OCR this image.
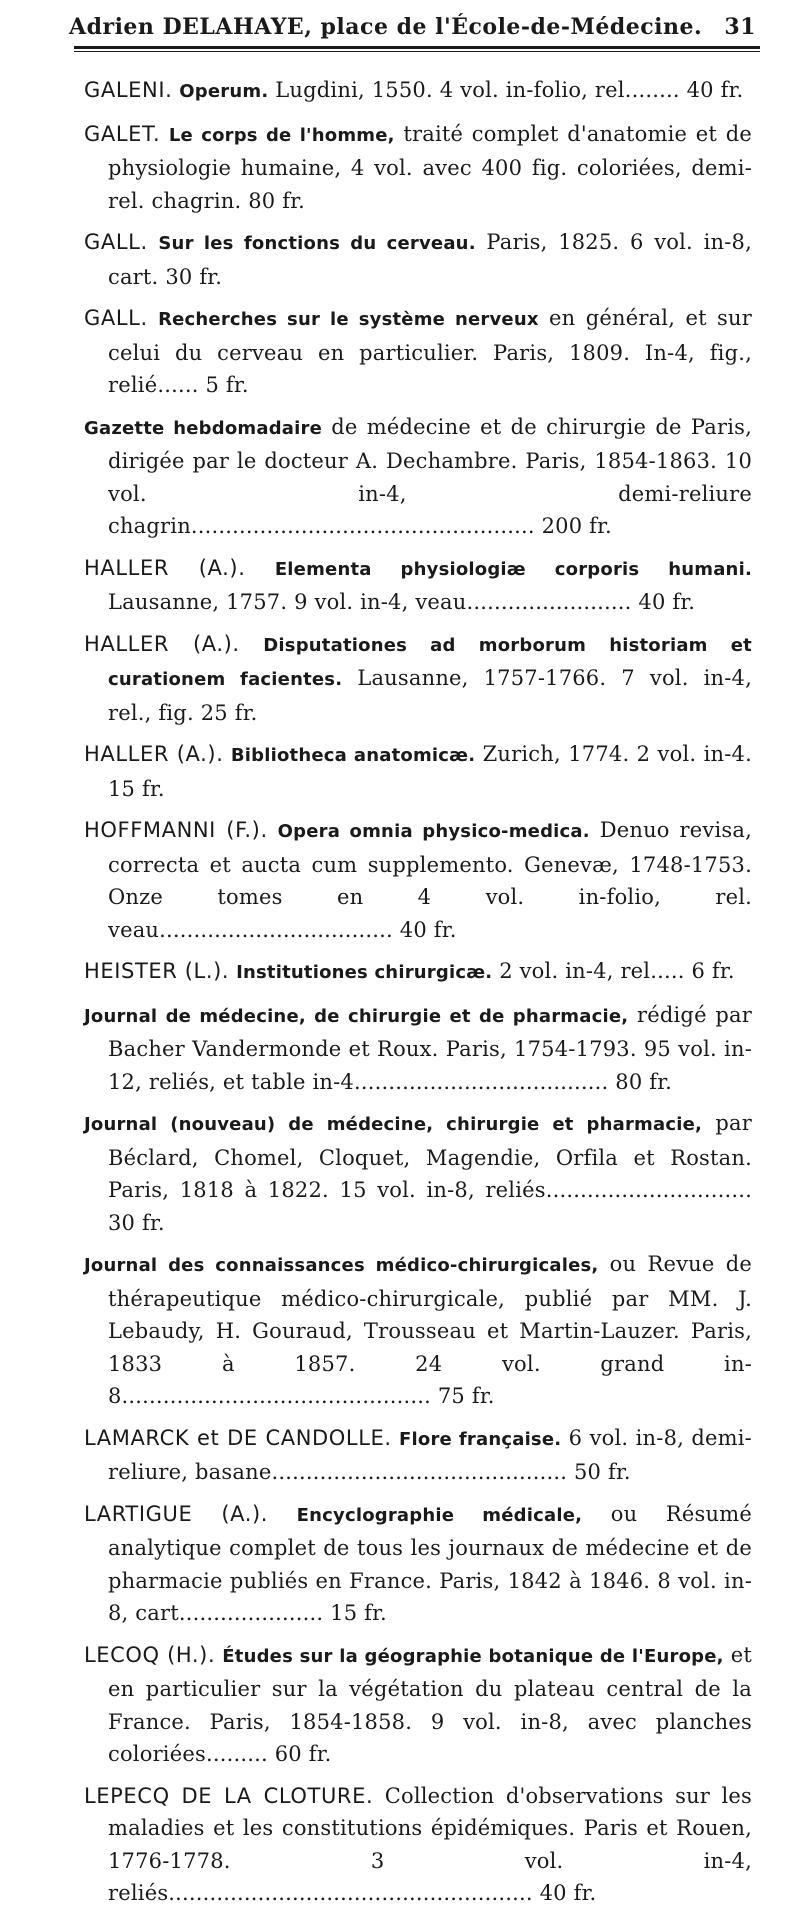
Adrien DELAHAYE, place de l'École-de-Médecine. 31

GALENI. Operum. Lugdini, 1550. 4 vol. in-folio, rel........ 40 fr.

GALET. Le corps de l'homme, traité complet d'anatomie et de physiologie humaine, 4 vol. avec 400 fig. coloriées, demi-rel. chagrin. 80 fr.

GALL. Sur les fonctions du cerveau. Paris, 1825. 6 vol. in-8, cart. 30 fr.

GALL. Recherches sur le système nerveux en général, et sur celui du cerveau en particulier. Paris, 1809. In-4, fig., relié...... 5 fr.

Gazette hebdomadaire de médecine et de chirurgie de Paris, dirigée par le docteur A. Dechambre. Paris, 1854-1863. 10 vol. in-4, demi-reliure chagrin.................................................. 200 fr.

HALLER (A.). Elementa physiologiæ corporis humani. Lausanne, 1757. 9 vol. in-4, veau........................ 40 fr.

HALLER (A.). Disputationes ad morborum historiam et curationem facientes. Lausanne, 1757-1766. 7 vol. in-4, rel., fig. 25 fr.

HALLER (A.). Bibliotheca anatomicæ. Zurich, 1774. 2 vol. in-4. 15 fr.

HOFFMANNI (F.). Opera omnia physico-medica. Denuo revisa, correcta et aucta cum supplemento. Genevæ, 1748-1753. Onze tomes en 4 vol. in-folio, rel. veau.................................. 40 fr.

HEISTER (L.). Institutiones chirurgicæ. 2 vol. in-4, rel..... 6 fr.

Journal de médecine, de chirurgie et de pharmacie, rédigé par Bacher Vandermonde et Roux. Paris, 1754-1793. 95 vol. in-12, reliés, et table in-4..................................... 80 fr.

Journal (nouveau) de médecine, chirurgie et pharmacie, par Béclard, Chomel, Cloquet, Magendie, Orfila et Rostan. Paris, 1818 à 1822. 15 vol. in-8, reliés.............................. 30 fr.

Journal des connaissances médico-chirurgicales, ou Revue de thérapeutique médico-chirurgicale, publié par MM. J. Lebaudy, H. Gouraud, Trousseau et Martin-Lauzer. Paris, 1833 à 1857. 24 vol. grand in-8............................................. 75 fr.

LAMARCK et DE CANDOLLE. Flore française. 6 vol. in-8, demi-reliure, basane........................................... 50 fr.

LARTIGUE (A.). Encyclographie médicale, ou Résumé analytique complet de tous les journaux de médecine et de pharmacie publiés en France. Paris, 1842 à 1846. 8 vol. in-8, cart..................... 15 fr.

LECOQ (H.). Études sur la géographie botanique de l'Europe, et en particulier sur la végétation du plateau central de la France. Paris, 1854-1858. 9 vol. in-8, avec planches coloriées......... 60 fr.

LEPECQ DE LA CLOTURE. Collection d'observations sur les maladies et les constitutions épidémiques. Paris et Rouen, 1776-1778. 3 vol. in-4, reliés..................................................... 40 fr.
